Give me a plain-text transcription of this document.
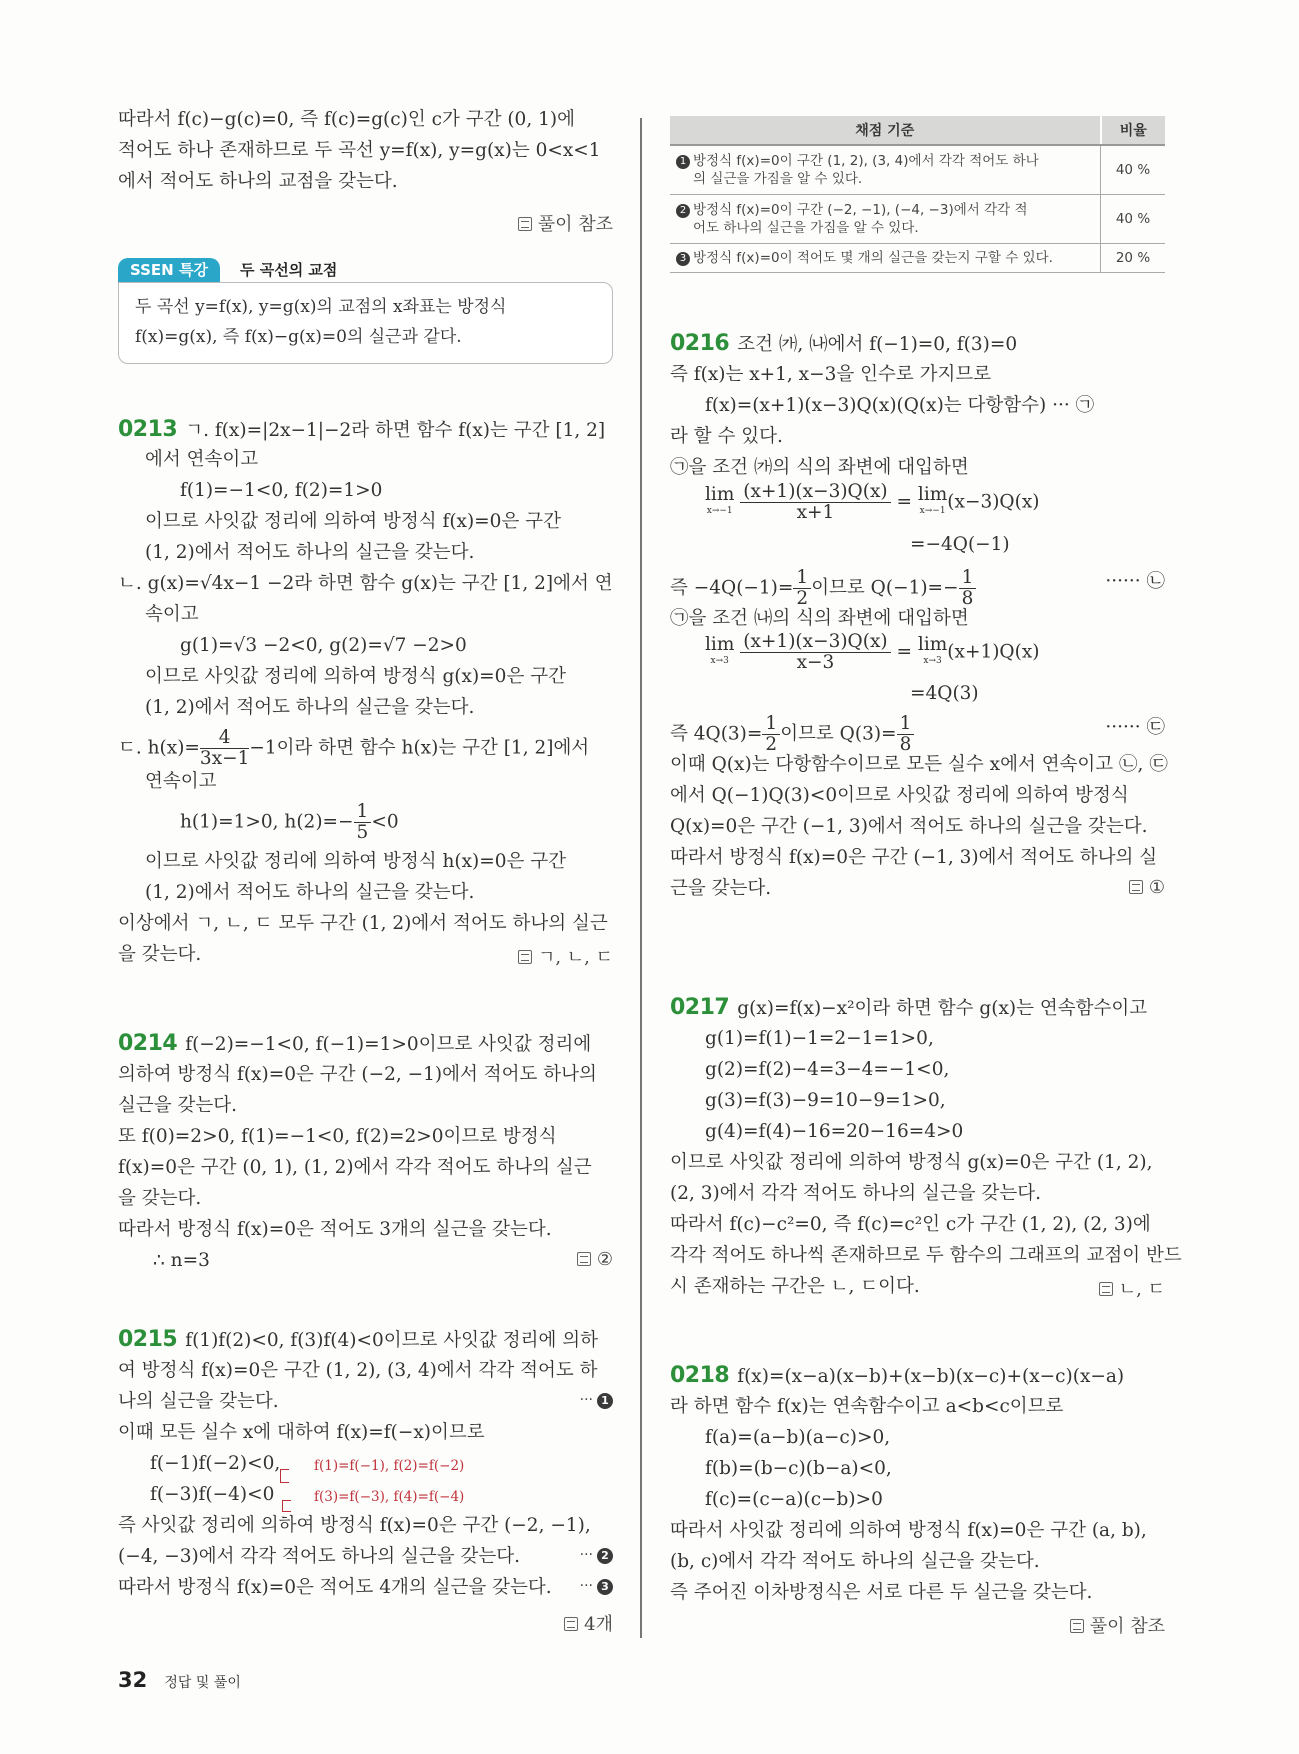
따라서 f(c)−g(c)=0, 즉 f(c)=g(c)인 c가 구간 (0, 1)에
적어도 하나 존재하므로 두 곡선 y=f(x), y=g(x)는 0<x<1
에서 적어도 하나의 교점을 갖는다.
풀이 참조
SSEN 특강	두 곡선의 교점
두 곡선 y=f(x), y=g(x)의 교점의 x좌표는 방정식
f(x)=g(x), 즉 f(x)−g(x)=0의 실근과 같다.
0213 ㄱ. f(x)=|2x−1|−2라 하면 함수 f(x)는 구간 [1, 2]
에서 연속이고
f(1)=−1<0, f(2)=1>0
이므로 사잇값 정리에 의하여 방정식 f(x)=0은 구간
(1, 2)에서 적어도 하나의 실근을 갖는다.
ㄴ. g(x)=√4x−1 −2라 하면 함수 g(x)는 구간 [1, 2]에서 연
속이고
g(1)=√3 −2<0, g(2)=√7 −2>0
이므로 사잇값 정리에 의하여 방정식 g(x)=0은 구간
(1, 2)에서 적어도 하나의 실근을 갖는다.
ㄷ. $h(x)= \frac{4}{3x-1} -1$이라 하면 함수 h(x)는 구간 [1, 2]에서
연속이고
h(1)=1>0, $h(2)=- \frac{1}{5} <0$
이므로 사잇값 정리에 의하여 방정식 h(x)=0은 구간
(1, 2)에서 적어도 하나의 실근을 갖는다.
이상에서 ㄱ, ㄴ, ㄷ 모두 구간 (1, 2)에서 적어도 하나의 실근
을 갖는다.	ㄱ, ㄴ, ㄷ
0214 f(−2)=−1<0, f(−1)=1>0이므로 사잇값 정리에
의하여 방정식 f(x)=0은 구간 (−2, −1)에서 적어도 하나의
실근을 갖는다.
또 f(0)=2>0, f(1)=−1<0, f(2)=2>0이므로 방정식
f(x)=0은 구간 (0, 1), (1, 2)에서 각각 적어도 하나의 실근
을 갖는다.
따라서 방정식 f(x)=0은 적어도 3개의 실근을 갖는다.
∴ n=3	②
0215 f(1)f(2)<0, f(3)f(4)<0이므로 사잇값 정리에 의하
여 방정식 f(x)=0은 구간 (1, 2), (3, 4)에서 각각 적어도 하
나의 실근을 갖는다.	··· 1
이때 모든 실수 x에 대하여 f(x)=f(−x)이므로
f(−1)f(−2)<0, f(1)=f(−1), f(2)=f(−2)
f(−3)f(−4)<0	f(3)=f(−3), f(4)=f(−4)
즉 사잇값 정리에 의하여 방정식 f(x)=0은 구간 (−2, −1),
(−4, −3)에서 각각 적어도 하나의 실근을 갖는다.	··· 2
따라서 방정식 f(x)=0은 적어도 4개의 실근을 갖는다. ··· 3
4개
채점 기준	비율
1 방정식 f(x)=0이 구간 (1, 2), (3, 4)에서 각각 적어도 하나
의 실근을 가짐을 알 수 있다.	40 %
2 방정식 f(x)=0이 구간 (−2, −1), (−4, −3)에서 각각 적
어도 하나의 실근을 가짐을 알 수 있다.	40 %
3 방정식 f(x)=0이 적어도 몇 개의 실근을 갖는지 구할 수 있다.	20 %
0216 조건 ㈎, ㈏에서 f(−1)=0, f(3)=0
즉 f(x)는 x+1, x−3을 인수로 가지므로
f(x)=(x+1)(x−3)Q(x)(Q(x)는 다항함수) ··· ㉠
라 할 수 있다.
㉠을 조건 ㈎의 식의 좌변에 대입하면
lim
x→−1
$\frac{(x+1)(x-3)Q(x)}{x+1} = \lim$
x→−1 (x−3)Q(x)
=−4Q(−1)
즉 $-4Q(-1)= \frac{1}{2}$ 이므로 $Q(-1)=- \frac{1}{8}$	······ ㉡
㉠을 조건 ㈏의 식의 좌변에 대입하면
lim
x→3
$\frac{(x+1)(x-3)Q(x)}{x-3} = \lim$
x→3 (x+1)Q(x)
=4Q(3)
즉 $4Q(3)= \frac{1}{2}$ 이므로 $Q(3)= \frac{1}{8}$	······ ㉢
이때 Q(x)는 다항함수이므로 모든 실수 x에서 연속이고 ㉡, ㉢
에서 Q(−1)Q(3)<0이므로 사잇값 정리에 의하여 방정식
Q(x)=0은 구간 (−1, 3)에서 적어도 하나의 실근을 갖는다.
따라서 방정식 f(x)=0은 구간 (−1, 3)에서 적어도 하나의 실
근을 갖는다.	①
0217 g(x)=f(x)−x²이라 하면 함수 g(x)는 연속함수이고
g(1)=f(1)−1=2−1=1>0,
g(2)=f(2)−4=3−4=−1<0,
g(3)=f(3)−9=10−9=1>0,
g(4)=f(4)−16=20−16=4>0
이므로 사잇값 정리에 의하여 방정식 g(x)=0은 구간 (1, 2),
(2, 3)에서 각각 적어도 하나의 실근을 갖는다.
따라서 f(c)−c²=0, 즉 f(c)=c²인 c가 구간 (1, 2), (2, 3)에
각각 적어도 하나씩 존재하므로 두 함수의 그래프의 교점이 반드
시 존재하는 구간은 ㄴ, ㄷ이다.	ㄴ, ㄷ
0218 f(x)=(x−a)(x−b)+(x−b)(x−c)+(x−c)(x−a)
라 하면 함수 f(x)는 연속함수이고 a<b<c이므로
f(a)=(a−b)(a−c)>0,
f(b)=(b−c)(b−a)<0,
f(c)=(c−a)(c−b)>0
따라서 사잇값 정리에 의하여 방정식 f(x)=0은 구간 (a, b),
(b, c)에서 각각 적어도 하나의 실근을 갖는다.
즉 주어진 이차방정식은 서로 다른 두 실근을 갖는다.
풀이 참조
32 정답 및 풀이
